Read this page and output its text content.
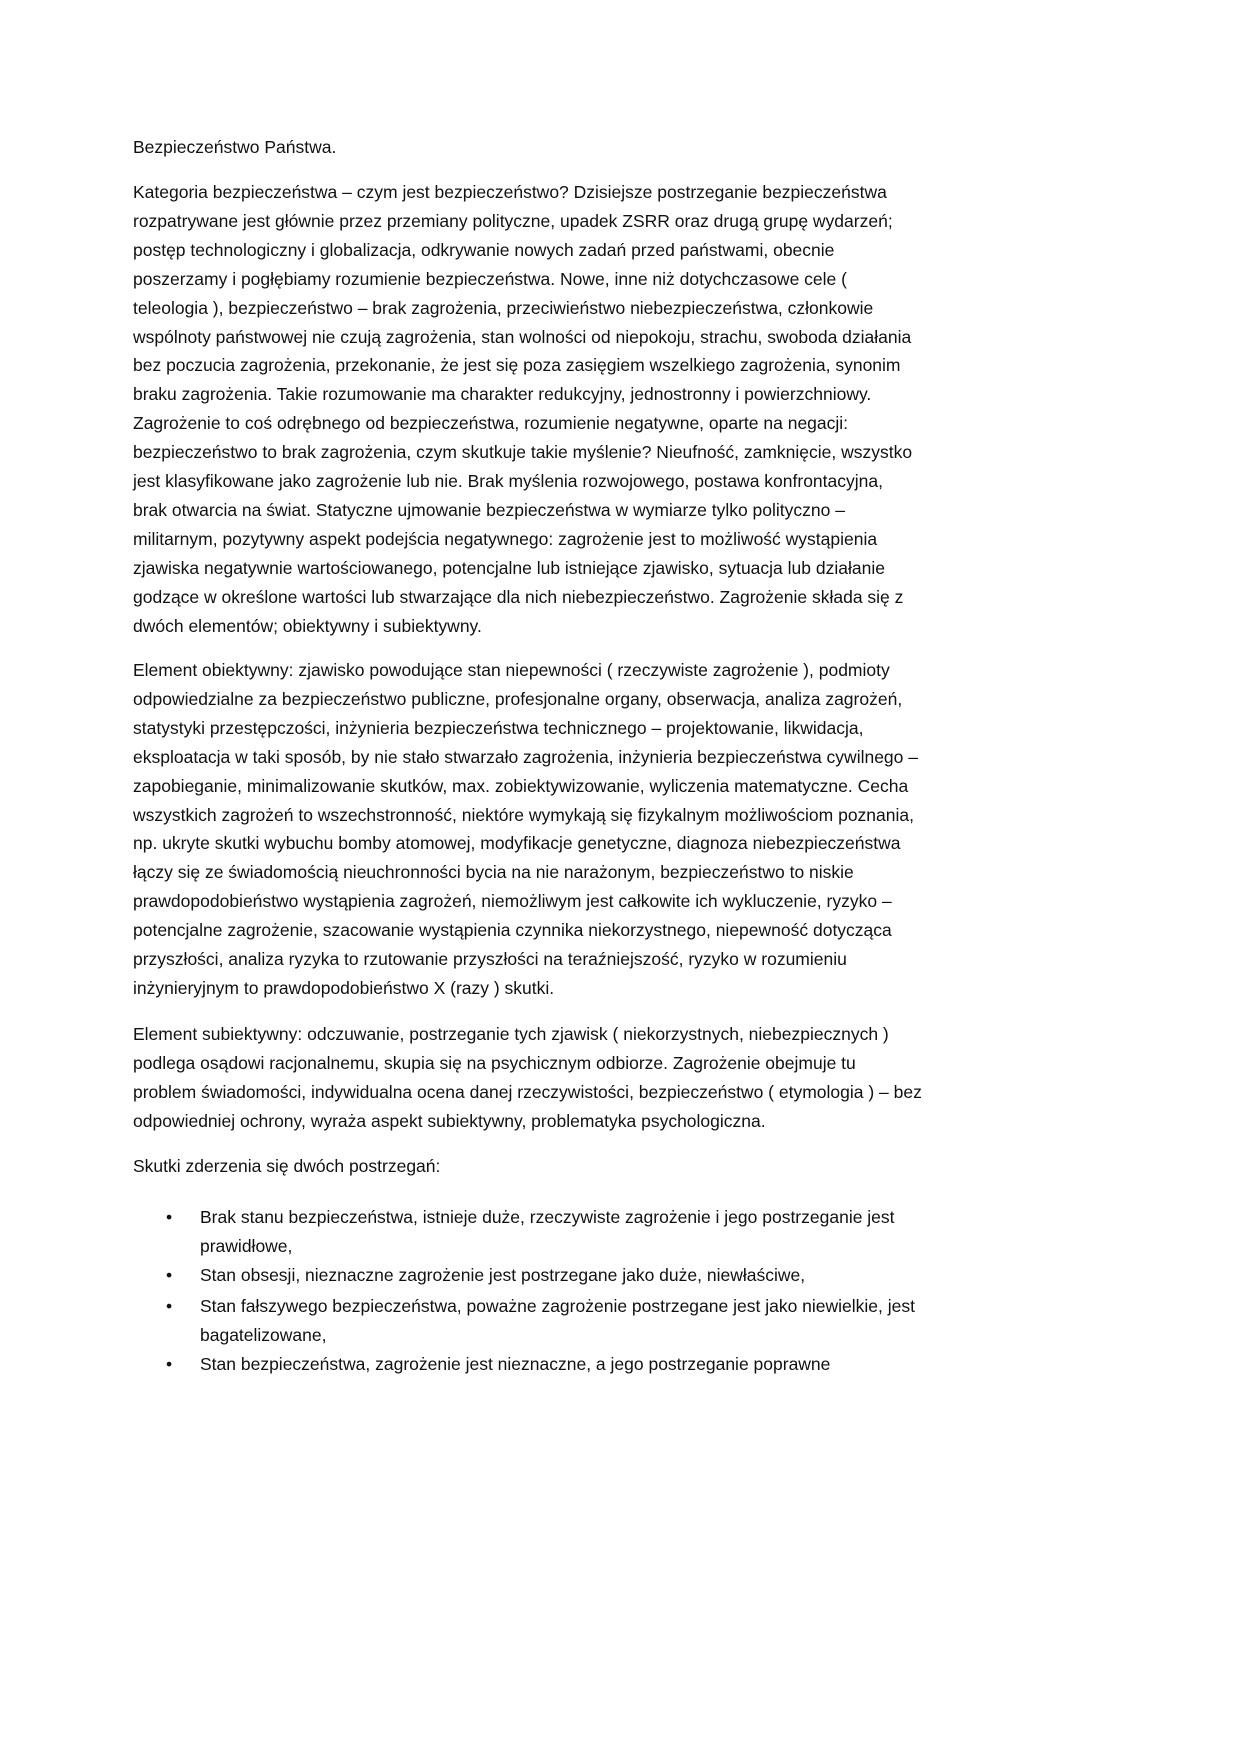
Bezpieczeństwo Państwa.
Kategoria bezpieczeństwa – czym jest bezpieczeństwo? Dzisiejsze postrzeganie bezpieczeństwa
rozpatrywane jest głównie przez przemiany polityczne, upadek ZSRR oraz drugą grupę wydarzeń;
postęp technologiczny i globalizacja, odkrywanie nowych zadań przed państwami, obecnie
poszerzamy i pogłębiamy rozumienie bezpieczeństwa. Nowe, inne niż dotychczasowe cele (
teleologia ), bezpieczeństwo – brak zagrożenia, przeciwieństwo niebezpieczeństwa, członkowie
wspólnoty państwowej nie czują zagrożenia, stan wolności od niepokoju, strachu, swoboda działania
bez poczucia zagrożenia, przekonanie, że jest się poza zasięgiem wszelkiego zagrożenia, synonim
braku zagrożenia. Takie rozumowanie ma charakter redukcyjny, jednostronny i powierzchniowy.
Zagrożenie to coś odrębnego od bezpieczeństwa, rozumienie negatywne, oparte na negacji:
bezpieczeństwo to brak zagrożenia, czym skutkuje takie myślenie? Nieufność, zamknięcie, wszystko
jest klasyfikowane jako zagrożenie lub nie. Brak myślenia rozwojowego, postawa konfrontacyjna,
brak otwarcia na świat. Statyczne ujmowanie bezpieczeństwa w wymiarze tylko polityczno –
militarnym, pozytywny aspekt podejścia negatywnego: zagrożenie jest to możliwość wystąpienia
zjawiska negatywnie wartościowanego, potencjalne lub istniejące zjawisko, sytuacja lub działanie
godzące w określone wartości lub stwarzające dla nich niebezpieczeństwo. Zagrożenie składa się z
dwóch elementów; obiektywny i subiektywny.
Element obiektywny: zjawisko powodujące stan niepewności ( rzeczywiste zagrożenie ), podmioty
odpowiedzialne za bezpieczeństwo publiczne, profesjonalne organy, obserwacja, analiza zagrożeń,
statystyki przestępczości, inżynieria bezpieczeństwa technicznego – projektowanie, likwidacja,
eksploatacja w taki sposób, by nie stało stwarzało zagrożenia, inżynieria bezpieczeństwa cywilnego –
zapobieganie, minimalizowanie skutków, max. zobiektywizowanie, wyliczenia matematyczne. Cecha
wszystkich zagrożeń to wszechstronność, niektóre wymykają się fizykalnym możliwościom poznania,
np. ukryte skutki wybuchu bomby atomowej, modyfikacje genetyczne, diagnoza niebezpieczeństwa
łączy się ze świadomością nieuchronności bycia na nie narażonym, bezpieczeństwo to niskie
prawdopodobieństwo wystąpienia zagrożeń, niemożliwym jest całkowite ich wykluczenie, ryzyko –
potencjalne zagrożenie, szacowanie wystąpienia czynnika niekorzystnego, niepewność dotycząca
przyszłości, analiza ryzyka to rzutowanie przyszłości na teraźniejszość, ryzyko w rozumieniu
inżynieryjnym to prawdopodobieństwo X (razy ) skutki.
Element subiektywny: odczuwanie, postrzeganie tych zjawisk ( niekorzystnych, niebezpiecznych )
podlega osądowi racjonalnemu, skupia się na psychicznym odbiorze. Zagrożenie obejmuje tu
problem świadomości, indywidualna ocena danej rzeczywistości, bezpieczeństwo ( etymologia ) – bez
odpowiedniej ochrony, wyraża aspekt subiektywny, problematyka psychologiczna.
Skutki zderzenia się dwóch postrzegań:
• Brak stanu bezpieczeństwa, istnieje duże, rzeczywiste zagrożenie i jego postrzeganie jest
prawidłowe,
• Stan obsesji, nieznaczne zagrożenie jest postrzegane jako duże, niewłaściwe,
• Stan fałszywego bezpieczeństwa, poważne zagrożenie postrzegane jest jako niewielkie, jest
bagatelizowane,
• Stan bezpieczeństwa, zagrożenie jest nieznaczne, a jego postrzeganie poprawne
